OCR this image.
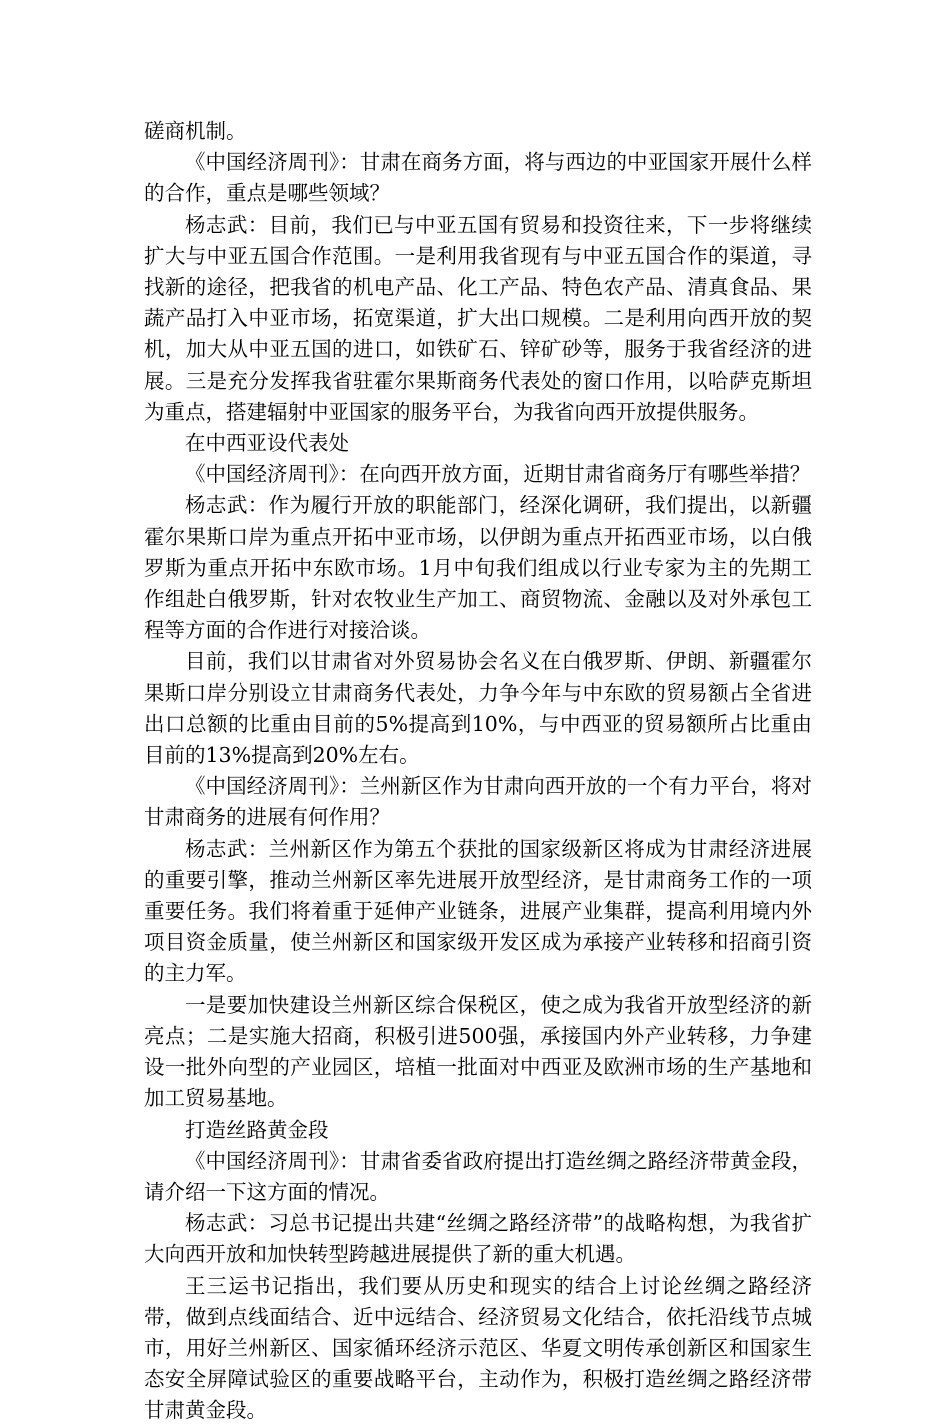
磋商机制。

《中国经济周刊》：甘肃在商务方面，将与西边的中亚国家开展什么样的合作，重点是哪些领域？

杨志武：目前，我们已与中亚五国有贸易和投资往来，下一步将继续扩大与中亚五国合作范围。一是利用我省现有与中亚五国合作的渠道，寻找新的途径，把我省的机电产品、化工产品、特色农产品、清真食品、果蔬产品打入中亚市场，拓宽渠道，扩大出口规模。二是利用向西开放的契机，加大从中亚五国的进口，如铁矿石、锌矿砂等，服务于我省经济的进展。三是充分发挥我省驻霍尔果斯商务代表处的窗口作用，以哈萨克斯坦为重点，搭建辐射中亚国家的服务平台，为我省向西开放提供服务。

在中西亚设代表处

《中国经济周刊》：在向西开放方面，近期甘肃省商务厅有哪些举措？

杨志武：作为履行开放的职能部门，经深化调研，我们提出，以新疆霍尔果斯口岸为重点开拓中亚市场，以伊朗为重点开拓西亚市场，以白俄罗斯为重点开拓中东欧市场。1月中旬我们组成以行业专家为主的先期工作组赴白俄罗斯，针对农牧业生产加工、商贸物流、金融以及对外承包工程等方面的合作进行对接洽谈。

目前，我们以甘肃省对外贸易协会名义在白俄罗斯、伊朗、新疆霍尔果斯口岸分别设立甘肃商务代表处，力争今年与中东欧的贸易额占全省进出口总额的比重由目前的5%提高到10%，与中西亚的贸易额所占比重由目前的13%提高到20%左右。

《中国经济周刊》：兰州新区作为甘肃向西开放的一个有力平台，将对甘肃商务的进展有何作用？

杨志武：兰州新区作为第五个获批的国家级新区将成为甘肃经济进展的重要引擎，推动兰州新区率先进展开放型经济，是甘肃商务工作的一项重要任务。我们将着重于延伸产业链条，进展产业集群，提高利用境内外项目资金质量，使兰州新区和国家级开发区成为承接产业转移和招商引资的主力军。

一是要加快建设兰州新区综合保税区，使之成为我省开放型经济的新亮点；二是实施大招商，积极引进500强，承接国内外产业转移，力争建设一批外向型的产业园区，培植一批面对中西亚及欧洲市场的生产基地和加工贸易基地。

打造丝路黄金段

《中国经济周刊》：甘肃省委省政府提出打造丝绸之路经济带黄金段，请介绍一下这方面的情况。

杨志武：习总书记提出共建“丝绸之路经济带”的战略构想，为我省扩大向西开放和加快转型跨越进展提供了新的重大机遇。

王三运书记指出，我们要从历史和现实的结合上讨论丝绸之路经济带，做到点线面结合、近中远结合、经济贸易文化结合，依托沿线节点城市，用好兰州新区、国家循环经济示范区、华夏文明传承创新区和国家生态安全屏障试验区的重要战略平台，主动作为，积极打造丝绸之路经济带甘肃黄金段。
